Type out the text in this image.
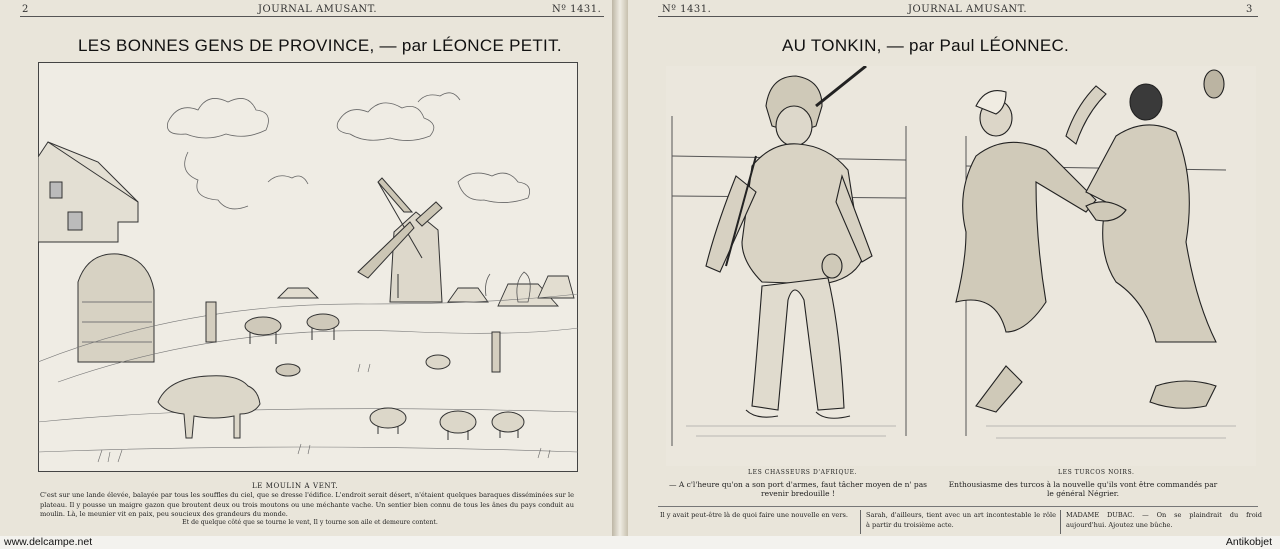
2	JOURNAL AMUSANT.	Nº 1431.
LES BONNES GENS DE PROVINCE, — par LÉONCE PETIT.
LE MOULIN A VENT.
C'est sur une lande élevée, balayée par tous les souffles du ciel, que se dresse l'édifice. L'endroit serait désert, n'étaient quelques baraques disséminées sur le plateau. Il y pousse un maigre gazon que broutent deux ou trois moutons ou une méchante vache. Un sentier bien connu de tous les ânes du pays conduit au moulin. Là, le meunier vit en paix, peu soucieux des grandeurs du monde.
Et de quelque côté que se tourne le vent, Il y tourne son aile et demeure content.
Nº 1431.	JOURNAL AMUSANT.	3
AU TONKIN, — par Paul LÉONNEC.
LES CHASSEURS D'AFRIQUE.
— A c'l'heure qu'on a son port d'armes, faut tâcher moyen de n' pas revenir bredouille !
LES TURCOS NOIRS.
Enthousiasme des turcos à la nouvelle qu'ils vont être commandés par le général Négrier.
Il y avait peut-être là de quoi faire une nouvelle en vers.	Sarah, d'ailleurs, tient avec un art incontestable le rôle à partir du troisième acte.
MADAME DUBAC. — On se plaindrait du froid aujourd'hui. Ajoutez une bûche.
www.delcampe.net	Antikobjet
